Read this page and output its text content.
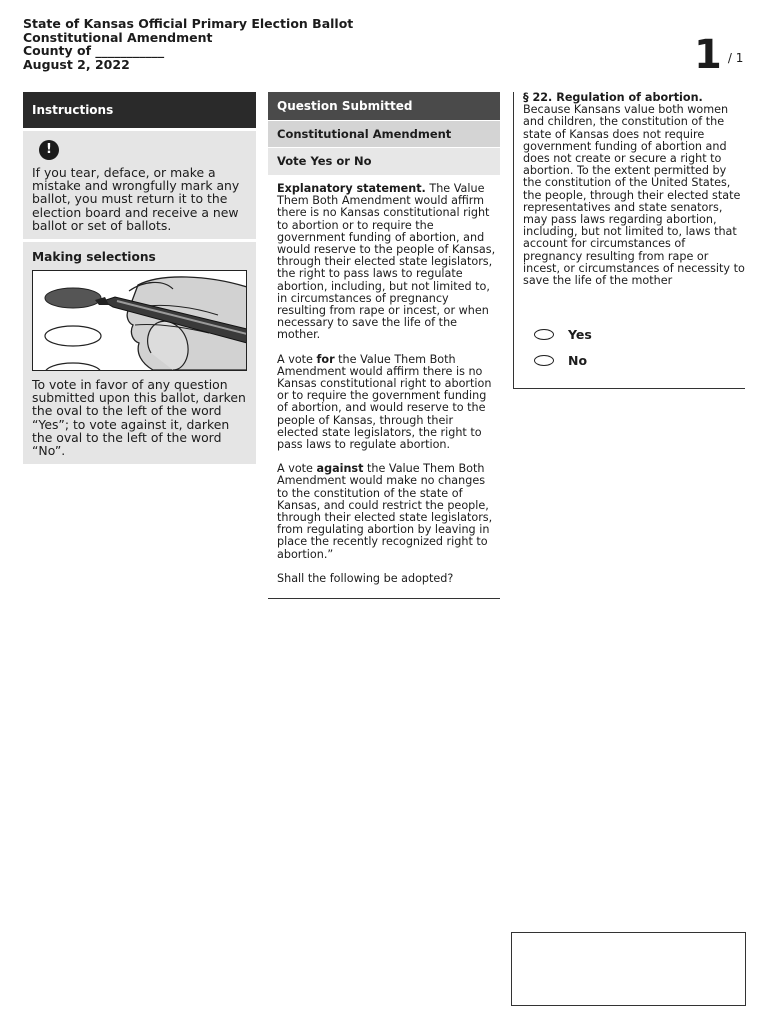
State of Kansas Official Primary Election Ballot
Constitutional Amendment
County of ___________
August 2, 2022	1 $^{/ 1}$
Instructions
!
If you tear, deface, or make a mistake and wrongfully mark any ballot, you must return it to the election board and receive a new ballot or set of ballots.
Making selections
To vote in favor of any question submitted upon this ballot, darken the oval to the left of the word “Yes”; to vote against it, darken the oval to the left of the word “No”.
Question Submitted
Constitutional Amendment
Vote Yes or No

Explanatory statement. The Value Them Both Amendment would affirm there is no Kansas constitutional right to abortion or to require the government funding of abortion, and would reserve to the people of Kansas, through their elected state legislators, the right to pass laws to regulate abortion, including, but not limited to, in circumstances of pregnancy resulting from rape or incest, or when necessary to save the life of the mother.

A vote for the Value Them Both Amendment would affirm there is no Kansas constitutional right to abortion or to require the government funding of abortion, and would reserve to the people of Kansas, through their elected state legislators, the right to pass laws to regulate abortion.

A vote against the Value Them Both Amendment would make no changes to the constitution of the state of Kansas, and could restrict the people, through their elected state legislators, from regulating abortion by leaving in place the recently recognized right to abortion.”

Shall the following be adopted?

§ 22. Regulation of abortion.
Because Kansans value both women and children, the constitution of the state of Kansas does not require government funding of abortion and does not create or secure a right to abortion. To the extent permitted by the constitution of the United States, the people, through their elected state representatives and state senators, may pass laws regarding abortion, including, but not limited to, laws that account for circumstances of pregnancy resulting from rape or incest, or circumstances of necessity to save the life of the mother
Yes
No
